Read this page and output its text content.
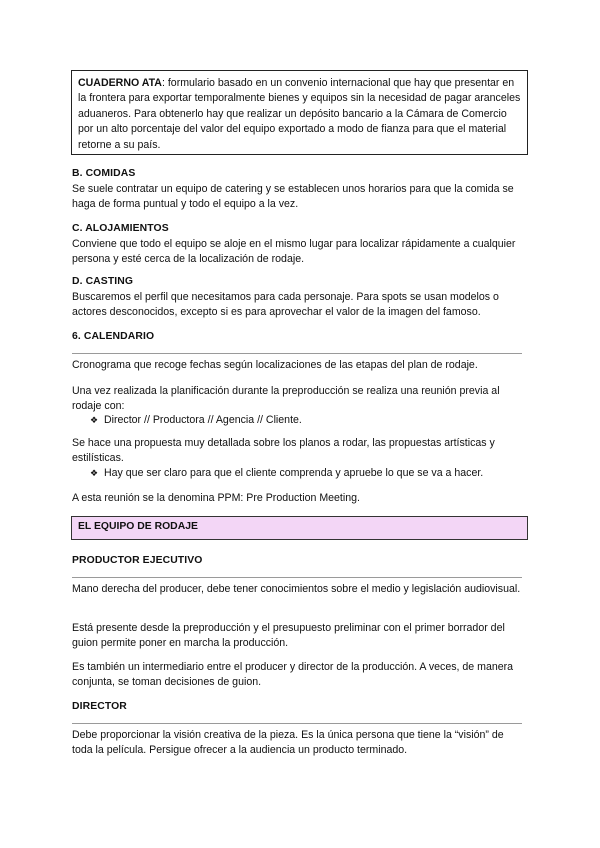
CUADERNO ATA: formulario basado en un convenio internacional que hay que presentar en la frontera para exportar temporalmente bienes y equipos sin la necesidad de pagar aranceles aduaneros. Para obtenerlo hay que realizar un depósito bancario a la Cámara de Comercio por un alto porcentaje del valor del equipo exportado a modo de fianza para que el material retorne a su país.
B. COMIDAS
Se suele contratar un equipo de catering y se establecen unos horarios para que la comida se haga de forma puntual y todo el equipo a la vez.
C. ALOJAMIENTOS
Conviene que todo el equipo se aloje en el mismo lugar para localizar rápidamente a cualquier persona y esté cerca de la localización de rodaje.
D. CASTING
Buscaremos el perfil que necesitamos para cada personaje. Para spots se usan modelos o actores desconocidos, excepto si es para aprovechar el valor de la imagen del famoso.
6. CALENDARIO
Cronograma que recoge fechas según localizaciones de las etapas del plan de rodaje.
Una vez realizada la planificación durante la preproducción se realiza una reunión previa al rodaje con:
❖ Director // Productora // Agencia // Cliente.
Se hace una propuesta muy detallada sobre los planos a rodar, las propuestas artísticas y estilísticas.
❖ Hay que ser claro para que el cliente comprenda y apruebe lo que se va a hacer.
A esta reunión se la denomina PPM: Pre Production Meeting.
EL EQUIPO DE RODAJE
PRODUCTOR EJECUTIVO
Mano derecha del producer, debe tener conocimientos sobre el medio y legislación audiovisual.
Está presente desde la preproducción y el presupuesto preliminar con el primer borrador del guion permite poner en marcha la producción.
Es también un intermediario entre el producer y director de la producción. A veces, de manera conjunta, se toman decisiones de guion.
DIRECTOR
Debe proporcionar la visión creativa de la pieza. Es la única persona que tiene la “visión” de toda la película. Persigue ofrecer a la audiencia un producto terminado.
